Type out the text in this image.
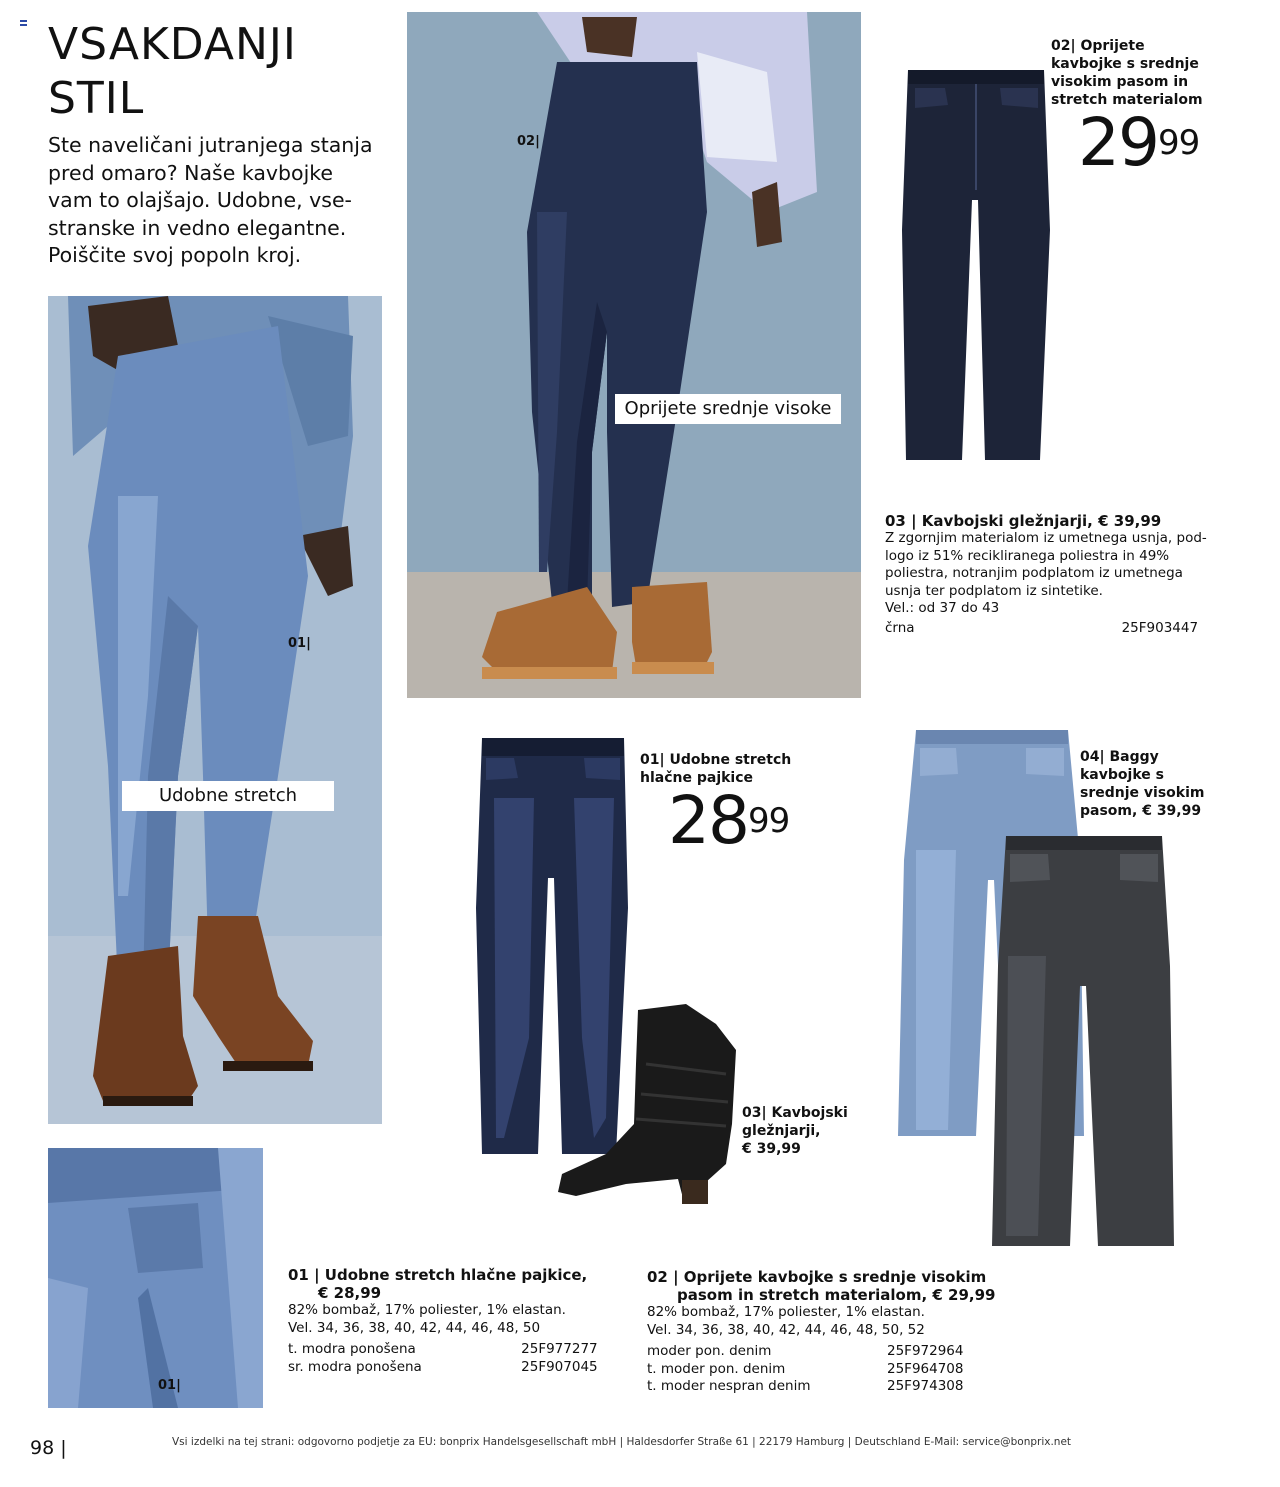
VSAKDANJI
STIL

Ste naveličani jutranjega stanja pred omaro? Naše kavbojke vam to olajšajo. Udobne, vse-stranske in vedno elegantne. Poiščite svoj popoln kroj.

01|
Udobne stretch
02|
Oprijete srednje visoke
01|
02| Oprijete
kavbojke s srednje
visokim pasom in
stretch materialom
$29^{99}$
03 | Kavbojski gležnjarji, € 39,99
Z zgornjim materialom iz umetnega usnja, pod-
logo iz 51% recikliranega poliestra in 49%
poliestra, notranjim podplatom iz umetnega
usnja ter podplatom iz sintetike.
Vel.: od 37 do 43
črna	25F903447
01| Udobne stretch
hlačne pajkice
$28^{99}$
03| Kavbojski
gležnjarji,
€ 39,99
04| Baggy
kavbojke s
srednje visokim
pasom, € 39,99
01 | Udobne stretch hlačne pajkice,
€ 28,99
82% bombaž, 17% poliester, 1% elastan.
Vel. 34, 36, 38, 40, 42, 44, 46, 48, 50
t. modra ponošena	25F977277
sr. modra ponošena	25F907045
02 | Oprijete kavbojke s srednje visokim
pasom in stretch materialom, € 29,99
82% bombaž, 17% poliester, 1% elastan.
Vel. 34, 36, 38, 40, 42, 44, 46, 48, 50, 52
moder pon. denim	25F972964
t. moder pon. denim	25F964708
t. moder nespran denim	25F974308
98 |	Vsi izdelki na tej strani: odgovorno podjetje za EU: bonprix Handelsgesellschaft mbH | Haldesdorfer Straße 61 | 22179 Hamburg | Deutschland E-Mail: service@bonprix.net
